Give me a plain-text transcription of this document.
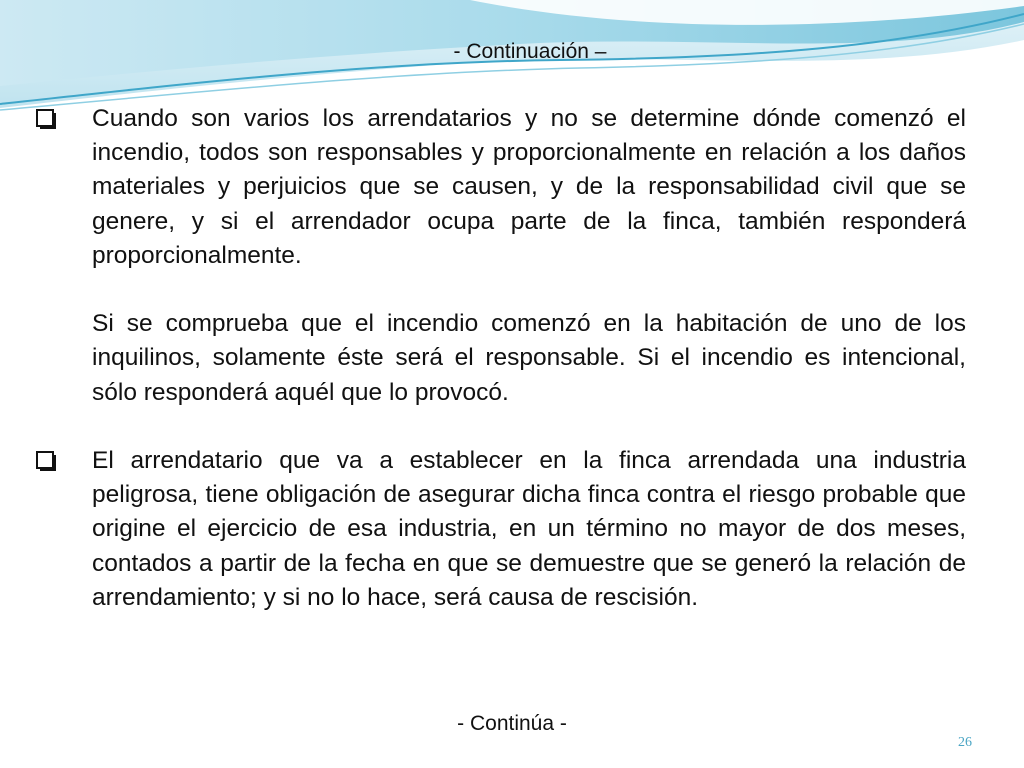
- Continuación –

Cuando son varios los arrendatarios y no se determine dónde comenzó el incendio, todos son responsables y proporcionalmente en relación a los daños materiales y perjuicios que se causen, y de la responsabilidad civil que se genere, y si el arrendador ocupa parte de la finca, también responderá proporcionalmente.

Si se comprueba que el incendio comenzó en la habitación de uno de los inquilinos, solamente éste será el responsable. Si el incendio es intencional, sólo responderá aquél que lo provocó.

El arrendatario que va a establecer en la finca arrendada una industria peligrosa, tiene obligación de asegurar dicha finca contra el riesgo probable que origine el ejercicio de esa industria, en un término no mayor de dos meses, contados a partir de la fecha en que se demuestre que se generó la relación de arrendamiento; y si no lo hace, será causa de rescisión.

- Continúa -
26
